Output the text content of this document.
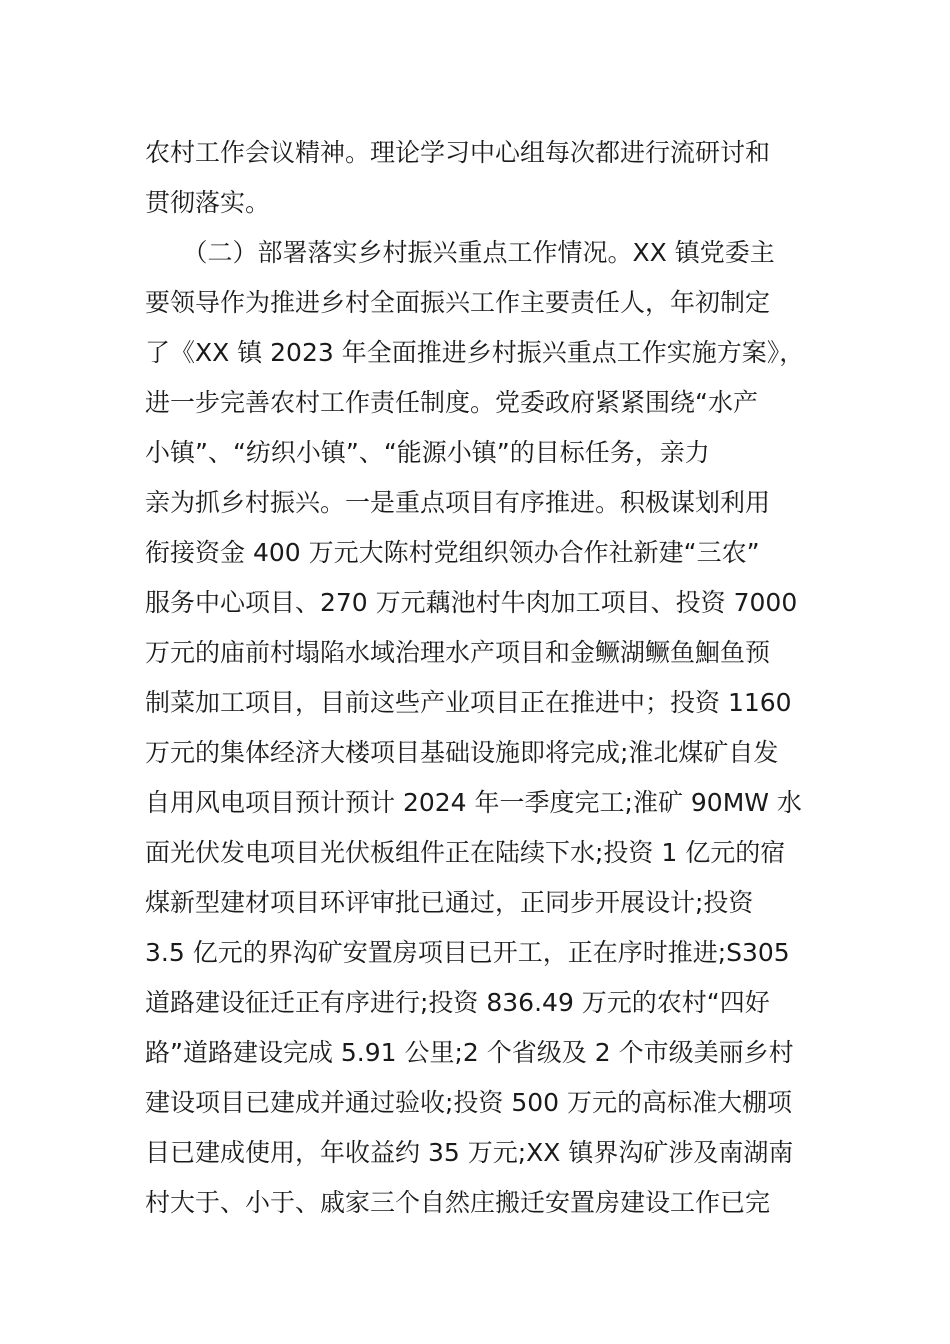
农村工作会议精神。理论学习中心组每次都进行流研讨和
贯彻落实。
　　（二）部署落实乡村振兴重点工作情况。XX 镇党委主
要领导作为推进乡村全面振兴工作主要责任人，年初制定
了《XX 镇 2023 年全面推进乡村振兴重点工作实施方案》，
进一步完善农村工作责任制度。党委政府紧紧围绕“水产
小镇”、“纺织小镇”、“能源小镇”的目标任务，亲力
亲为抓乡村振兴。一是重点项目有序推进。积极谋划利用
衔接资金 400 万元大陈村党组织领办合作社新建“三农”
服务中心项目、270 万元藕池村牛肉加工项目、投资 7000
万元的庙前村塌陷水域治理水产项目和金鳜湖鳜鱼鮰鱼预
制菜加工项目，目前这些产业项目正在推进中；投资 1160
万元的集体经济大楼项目基础设施即将完成;淮北煤矿自发
自用风电项目预计预计 2024 年一季度完工;淮矿 90MW 水
面光伏发电项目光伏板组件正在陆续下水;投资 1 亿元的宿
煤新型建材项目环评审批已通过，正同步开展设计;投资
3.5 亿元的界沟矿安置房项目已开工，正在序时推进;S305
道路建设征迁正有序进行;投资 836.49 万元的农村“四好
路”道路建设完成 5.91 公里;2 个省级及 2 个市级美丽乡村
建设项目已建成并通过验收;投资 500 万元的高标准大棚项
目已建成使用，年收益约 35 万元;XX 镇界沟矿涉及南湖南
村大于、小于、戚家三个自然庄搬迁安置房建设工作已完
